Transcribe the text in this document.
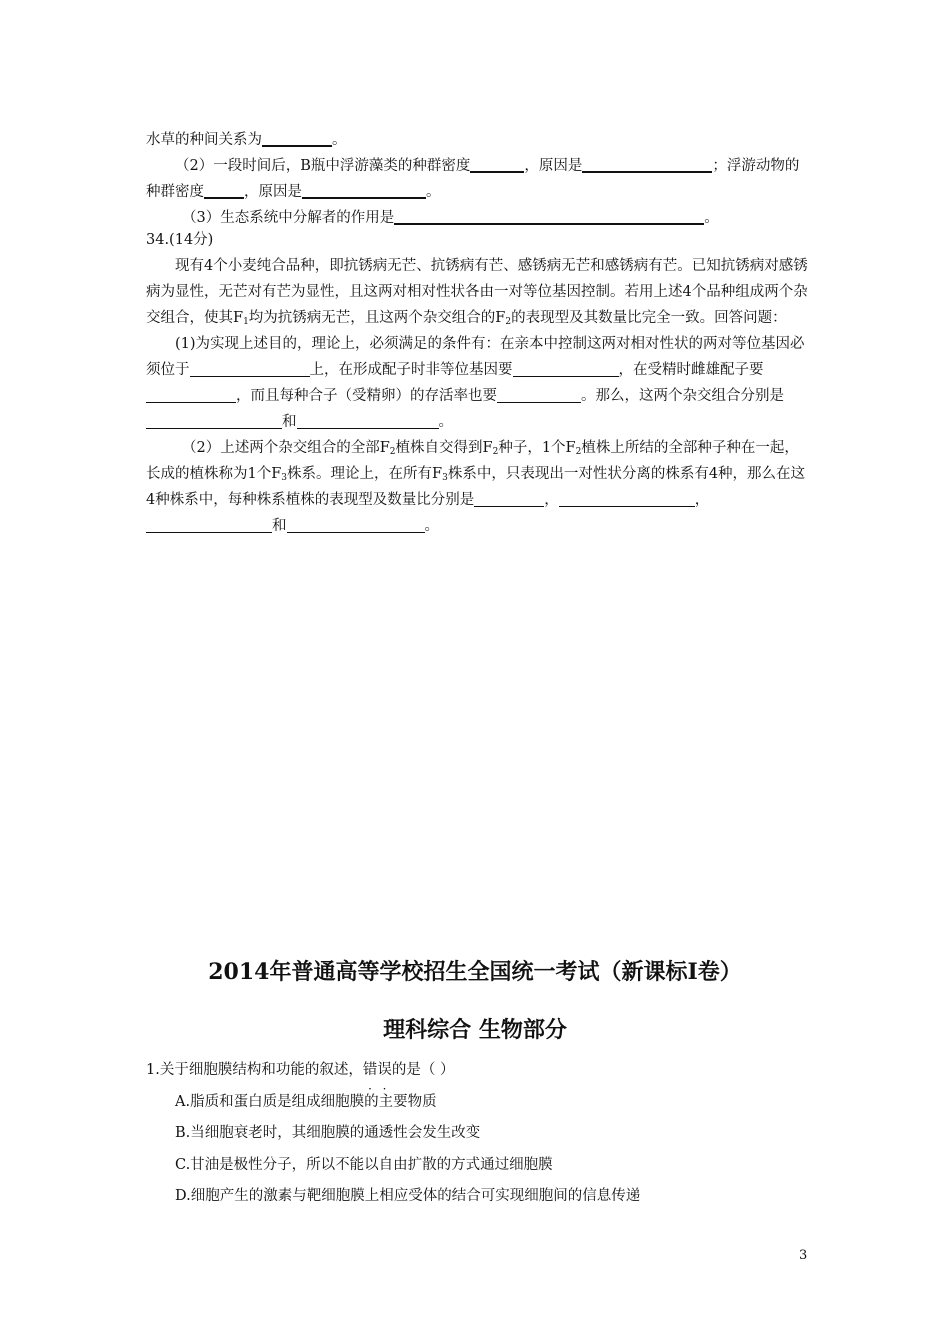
水草的种间关系为	。

（2）一段时间后，B瓶中浮游藻类的种群密度	，原因是	；浮游动物的种群密度	，原因是	。

（3）生态系统中分解者的作用是	。

34.(14分)

现有4个小麦纯合品种，即抗锈病无芒、抗锈病有芒、感锈病无芒和感锈病有芒。已知抗锈病对感锈病为显性，无芒对有芒为显性，且这两对相对性状各由一对等位基因控制。若用上述4个品种组成两个杂交组合，使其$F_1$均为抗锈病无芒，且这两个杂交组合的$F_2$的表现型及其数量比完全一致。回答问题：

(1)为实现上述目的，理论上，必须满足的条件有：在亲本中控制这两对相对性状的两对等位基因必须位于	上，在形成配子时非等位基因要	，在受精时雌雄配子要，而且每种合子（受精卵）的存活率也要	。那么，这两个杂交组合分别是和	。

（2）上述两个杂交组合的全部$F_2$植株自交得到$F_2$种子，1个$F_2$植株上所结的全部种子种在一起，长成的植株称为1个$F_3$株系。理论上，在所有$F_3$株系中，只表现出一对性状分离的株系有4种，那么在这4种株系中，每种株系植株的表现型及数量比分别是	，	，和	。

2014年普通高等学校招生全国统一考试（新课标Ⅰ卷）
理科综合 生物部分

1.关于细胞膜结构和功能的叙述，错误的是（ ）

A.脂质和蛋白质是组成细胞膜的主要物质

B.当细胞衰老时，其细胞膜的通透性会发生改变

C.甘油是极性分子，所以不能以自由扩散的方式通过细胞膜

D.细胞产生的激素与靶细胞膜上相应受体的结合可实现细胞间的信息传递

3
